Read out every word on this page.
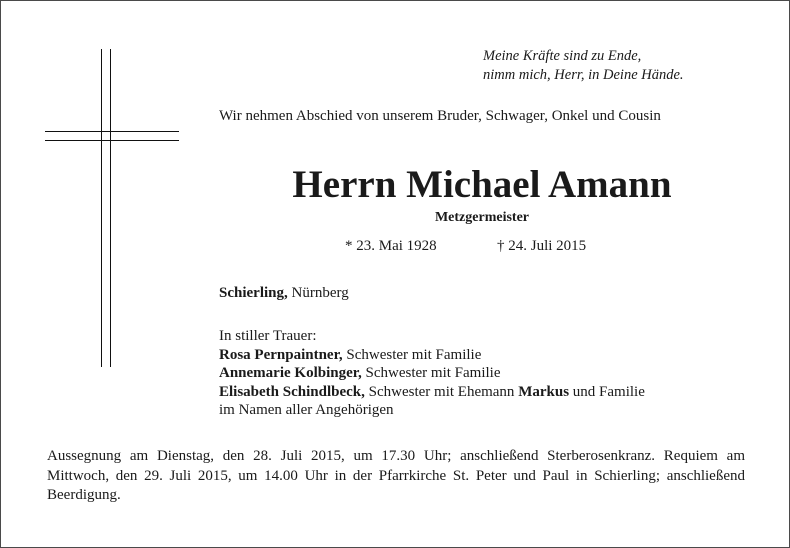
Meine Kräfte sind zu Ende,
nimm mich, Herr, in Deine Hände.
Wir nehmen Abschied von unserem Bruder, Schwager, Onkel und Cousin
Herrn Michael Amann
Metzgermeister
* 23. Mai 1928	† 24. Juli 2015
Schierling, Nürnberg
In stiller Trauer:
Rosa Pernpaintner, Schwester mit Familie
Annemarie Kolbinger, Schwester mit Familie
Elisabeth Schindlbeck, Schwester mit Ehemann Markus und Familie
im Namen aller Angehörigen
Aussegnung am Dienstag, den 28. Juli 2015, um 17.30 Uhr; anschließend Sterberosenkranz. Requiem am Mittwoch, den 29. Juli 2015, um 14.00 Uhr in der Pfarrkirche St. Peter und Paul in Schierling; anschließend Beerdigung.
